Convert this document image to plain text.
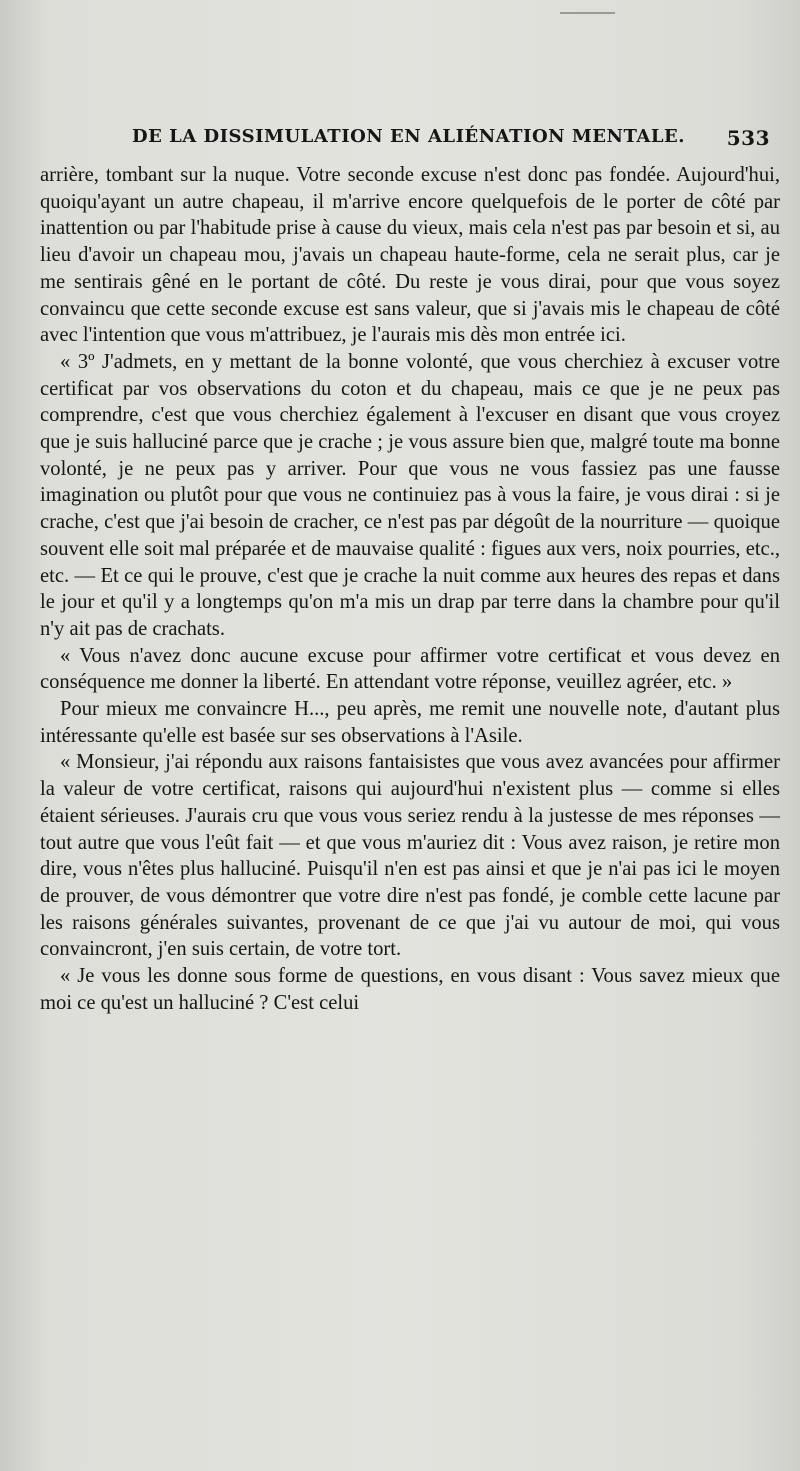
DE LA DISSIMULATION EN ALIÉNATION MENTALE. 533

arrière, tombant sur la nuque. Votre seconde excuse n'est donc pas fondée. Aujourd'hui, quoiqu'ayant un autre chapeau, il m'arrive encore quelquefois de le porter de côté par inattention ou par l'habitude prise à cause du vieux, mais cela n'est pas par besoin et si, au lieu d'avoir un chapeau mou, j'avais un chapeau haute-forme, cela ne serait plus, car je me sentirais gêné en le portant de côté. Du reste je vous dirai, pour que vous soyez convaincu que cette seconde excuse est sans valeur, que si j'avais mis le chapeau de côté avec l'intention que vous m'attribuez, je l'aurais mis dès mon entrée ici.

« 3º J'admets, en y mettant de la bonne volonté, que vous cherchiez à excuser votre certificat par vos observations du coton et du chapeau, mais ce que je ne peux pas comprendre, c'est que vous cherchiez également à l'excuser en disant que vous croyez que je suis halluciné parce que je crache ; je vous assure bien que, malgré toute ma bonne volonté, je ne peux pas y arriver. Pour que vous ne vous fassiez pas une fausse imagination ou plutôt pour que vous ne continuiez pas à vous la faire, je vous dirai : si je crache, c'est que j'ai besoin de cracher, ce n'est pas par dégoût de la nourriture — quoique souvent elle soit mal préparée et de mauvaise qualité : figues aux vers, noix pourries, etc., etc. — Et ce qui le prouve, c'est que je crache la nuit comme aux heures des repas et dans le jour et qu'il y a longtemps qu'on m'a mis un drap par terre dans la chambre pour qu'il n'y ait pas de crachats.

« Vous n'avez donc aucune excuse pour affirmer votre certificat et vous devez en conséquence me donner la liberté. En attendant votre réponse, veuillez agréer, etc. »

Pour mieux me convaincre H..., peu après, me remit une nouvelle note, d'autant plus intéressante qu'elle est basée sur ses observations à l'Asile.

« Monsieur, j'ai répondu aux raisons fantaisistes que vous avez avancées pour affirmer la valeur de votre certificat, raisons qui aujourd'hui n'existent plus — comme si elles étaient sérieuses. J'aurais cru que vous vous seriez rendu à la justesse de mes réponses — tout autre que vous l'eût fait — et que vous m'auriez dit : Vous avez raison, je retire mon dire, vous n'êtes plus halluciné. Puisqu'il n'en est pas ainsi et que je n'ai pas ici le moyen de prouver, de vous démontrer que votre dire n'est pas fondé, je comble cette lacune par les raisons générales suivantes, provenant de ce que j'ai vu autour de moi, qui vous convaincront, j'en suis certain, de votre tort.

« Je vous les donne sous forme de questions, en vous disant : Vous savez mieux que moi ce qu'est un halluciné ? C'est celui
